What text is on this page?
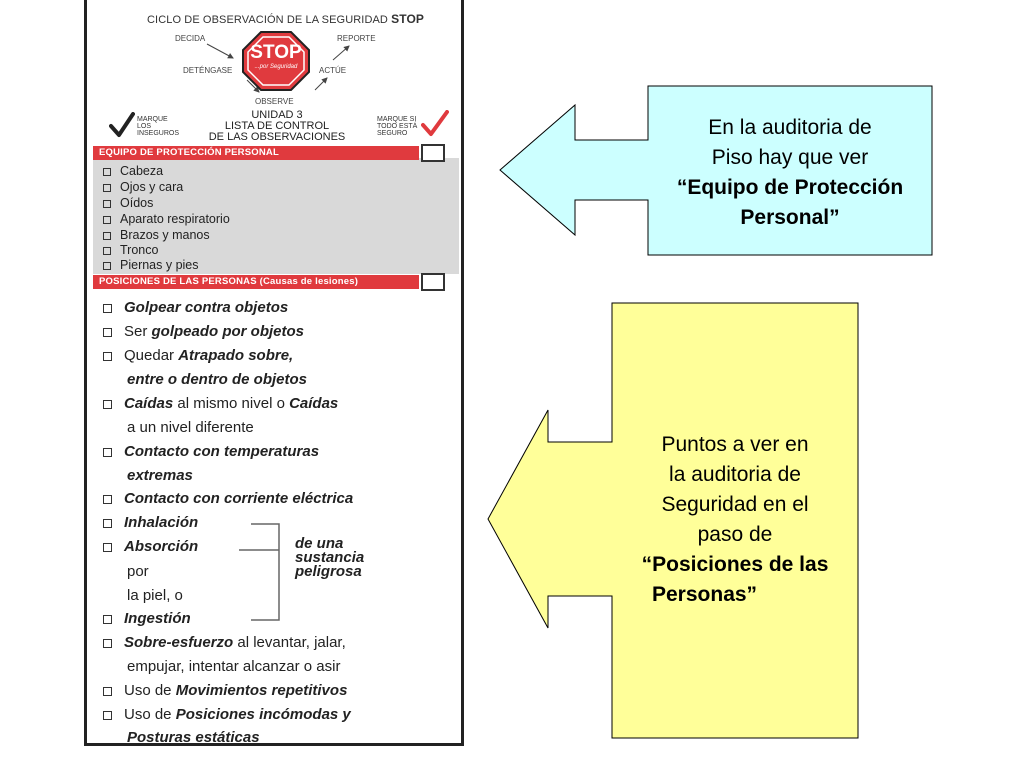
CICLO DE OBSERVACIÓN DE LA SEGURIDAD STOP
DECIDA	REPORTE
DETÉNGASE	ACTÚE
OBSERVE
STOP
...por Seguridad
UNIDAD 3
LISTA DE CONTROL
DE LAS OBSERVACIONES
MARQUE
LOS
INSEGUROS
MARQUE SI
TODO ESTÁ
SEGURO
EQUIPO DE PROTECCIÓN PERSONAL
Cabeza
Ojos y cara
Oídos
Aparato respiratorio
Brazos y manos
Tronco
Piernas y pies
POSICIONES DE LAS PERSONAS (Causas de lesiones)
Golpear contra objetos
Ser golpeado por objetos
Quedar Atrapado sobre,
entre o dentro de objetos
Caídas al mismo nivel o Caídas
a un nivel diferente
Contacto con temperaturas
extremas
Contacto con corriente eléctrica
Inhalación
Absorción
por
la piel, o
Ingestión
de una
sustancia
peligrosa
Sobre-esfuerzo al levantar, jalar,
empujar, intentar alcanzar o asir
Uso de Movimientos repetitivos
Uso de Posiciones incómodas y
Posturas estáticas
En la auditoria de
Piso hay que ver
“Equipo de Protección
Personal”
Puntos a ver en
la auditoria de
Seguridad en el
paso de
“Posiciones de las
Personas”
